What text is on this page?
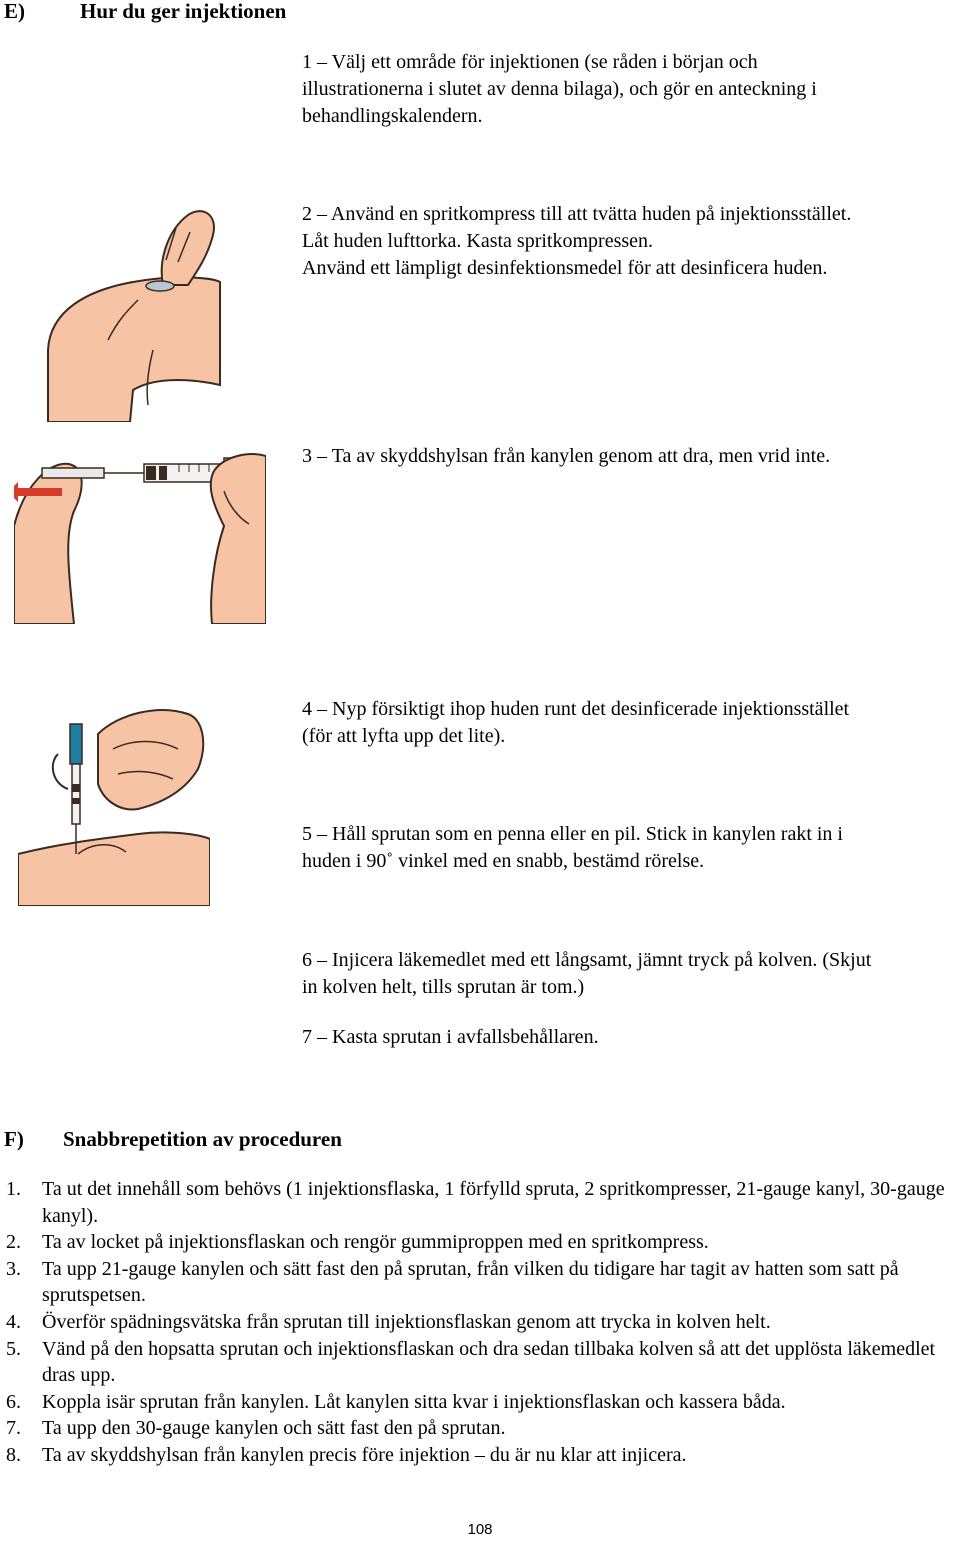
E)	Hur du ger injektionen
1 – Välj ett område för injektionen (se råden i början och
illustrationerna i slutet av denna bilaga), och gör en anteckning i
behandlingskalendern.
2 – Använd en spritkompress till att tvätta huden på injektionsstället.
Låt huden lufttorka. Kasta spritkompressen.
Använd ett lämpligt desinfektionsmedel för att desinficera huden.
3 – Ta av skyddshylsan från kanylen genom att dra, men vrid inte.
4 – Nyp försiktigt ihop huden runt det desinficerade injektionsstället
(för att lyfta upp det lite).
5 – Håll sprutan som en penna eller en pil. Stick in kanylen rakt in i
huden i 90˚ vinkel med en snabb, bestämd rörelse.
6 – Injicera läkemedlet med ett långsamt, jämnt tryck på kolven. (Skjut
in kolven helt, tills sprutan är tom.)
7 – Kasta sprutan i avfallsbehållaren.
F) Snabbrepetition av proceduren
1. Ta ut det innehåll som behövs (1 injektionsflaska, 1 förfylld spruta, 2 spritkompresser, 21-gauge kanyl, 30-gauge kanyl).
2. Ta av locket på injektionsflaskan och rengör gummiproppen med en spritkompress.
3. Ta upp 21-gauge kanylen och sätt fast den på sprutan, från vilken du tidigare har tagit av hatten som satt på sprutspetsen.
4. Överför spädningsvätska från sprutan till injektionsflaskan genom att trycka in kolven helt.
5. Vänd på den hopsatta sprutan och injektionsflaskan och dra sedan tillbaka kolven så att det upplösta läkemedlet dras upp.
6. Koppla isär sprutan från kanylen. Låt kanylen sitta kvar i injektionsflaskan och kassera båda.
7. Ta upp den 30-gauge kanylen och sätt fast den på sprutan.
8. Ta av skyddshylsan från kanylen precis före injektion – du är nu klar att injicera.
108
